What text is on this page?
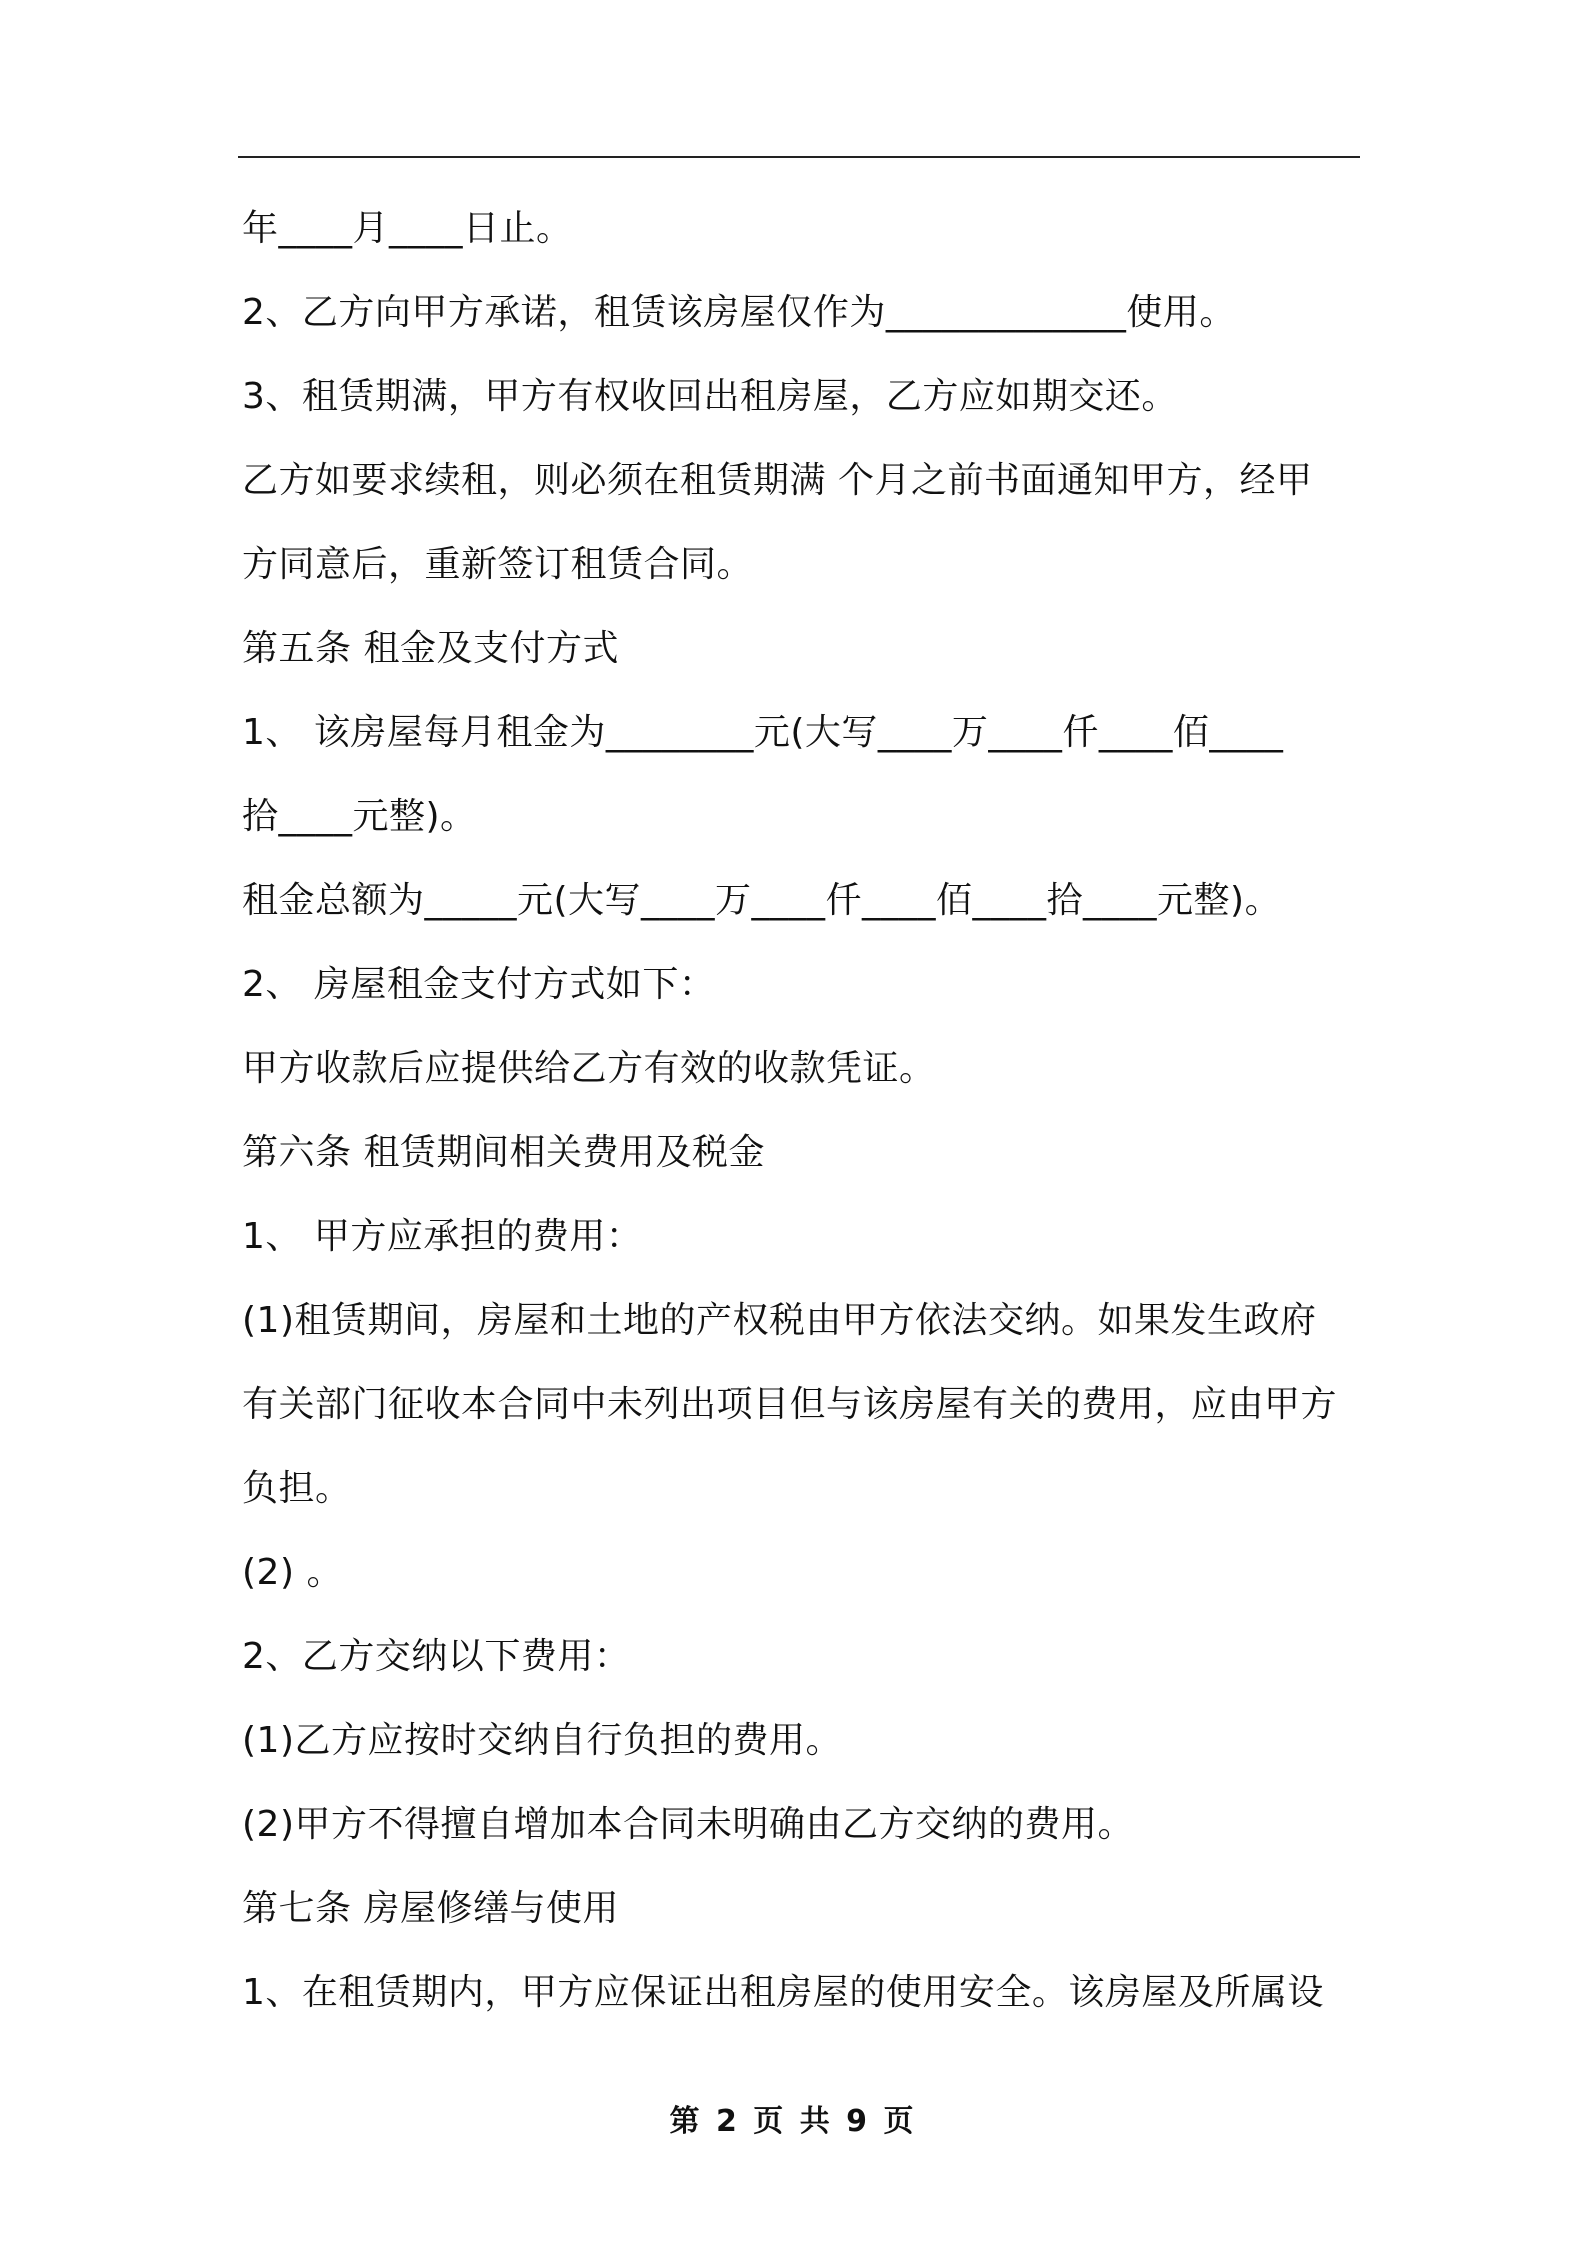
年____月____日止。
2、乙方向甲方承诺，租赁该房屋仅作为_____________使用。
3、租赁期满，甲方有权收回出租房屋，乙方应如期交还。
乙方如要求续租，则必须在租赁期满 个月之前书面通知甲方，经甲
方同意后，重新签订租赁合同。
第五条 租金及支付方式
1、 该房屋每月租金为________元(大写____万____仟____佰____
拾____元整)。
租金总额为_____元(大写____万____仟____佰____拾____元整)。
2、 房屋租金支付方式如下：
甲方收款后应提供给乙方有效的收款凭证。
第六条 租赁期间相关费用及税金
1、 甲方应承担的费用：
(1)租赁期间，房屋和土地的产权税由甲方依法交纳。如果发生政府
有关部门征收本合同中未列出项目但与该房屋有关的费用，应由甲方
负担。
(2) 。
2、乙方交纳以下费用：
(1)乙方应按时交纳自行负担的费用。
(2)甲方不得擅自增加本合同未明确由乙方交纳的费用。
第七条 房屋修缮与使用
1、在租赁期内，甲方应保证出租房屋的使用安全。该房屋及所属设
第 2 页 共 9 页
